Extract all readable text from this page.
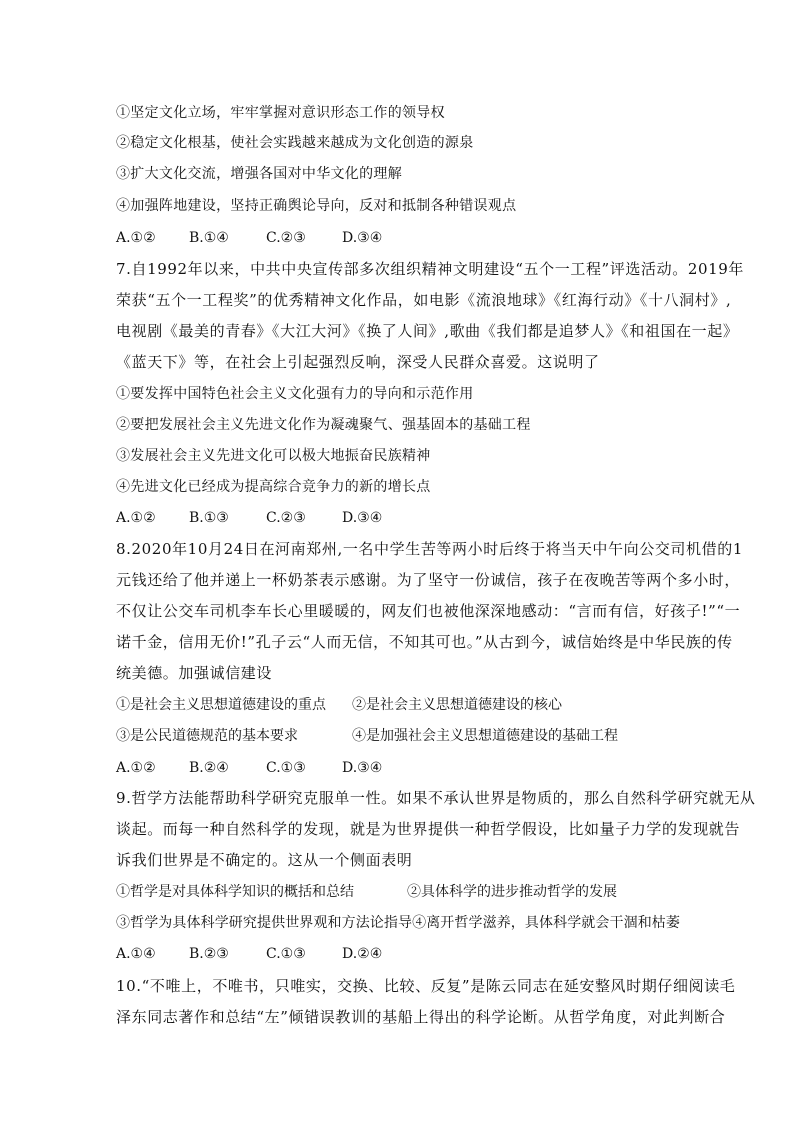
①坚定文化立场，牢牢掌握对意识形态工作的领导权
②稳定文化根基，使社会实践越来越成为文化创造的源泉
③扩大文化交流，增强各国对中华文化的理解
④加强阵地建设，坚持正确舆论导向，反对和抵制各种错误观点
A.①② B.①④	C.②③	D.③④
7.自1992年以来，中共中央宣传部多次组织精神文明建设“五个一工程”评选活动。2019年
荣获“五个一工程奖”的优秀精神文化作品，如电影《流浪地球》《红海行动》《十八洞村》,
电视剧《最美的青春》《大江大河》《换了人间》,歌曲《我们都是追梦人》《和祖国在一起》
《蓝天下》等，在社会上引起强烈反响，深受人民群众喜爱。这说明了
①要发挥中国特色社会主义文化强有力的导向和示范作用
②要把发展社会主义先进文化作为凝魂聚气、强基固本的基础工程
③发展社会主义先进文化可以极大地振奋民族精神
④先进文化已经成为提高综合竞争力的新的增长点
A.①② B.①③	C.②③	D.③④
8.2020年10月24日在河南郑州,一名中学生苦等两小时后终于将当天中午向公交司机借的1
元钱还给了他并递上一杯奶茶表示感谢。为了坚守一份诚信，孩子在夜晚苦等两个多小时，
不仅让公交车司机李车长心里暖暖的，网友们也被他深深地感动：“言而有信，好孩子!”“一
诺千金，信用无价!”孔子云“人而无信，不知其可也。”从古到今，诚信始终是中华民族的传
统美德。加强诚信建设
①是社会主义思想道德建设的重点 ②是社会主义思想道德建设的核心
③是公民道德规范的基本要求	④是加强社会主义思想道德建设的基础工程
A.①② B.②④	C.①③	D.③④
9.哲学方法能帮助科学研究克服单一性。如果不承认世界是物质的，那么自然科学研究就无从
谈起。而每一种自然科学的发现，就是为世界提供一种哲学假设，比如量子力学的发现就告
诉我们世界是不确定的。这从一个侧面表明
①哲学是对具体科学知识的概括和总结	②具体科学的进步推动哲学的发展
③哲学为具体科学研究提供世界观和方法论指导④离开哲学滋养，具体科学就会干涸和枯萎
A.①④ B.②③	C.①③	D.②④
10.“不唯上，不唯书，只唯实，交换、比较、反复”是陈云同志在延安整风时期仔细阅读毛
泽东同志著作和总结“左”倾错误教训的基船上得出的科学论断。从哲学角度，对此判断合
